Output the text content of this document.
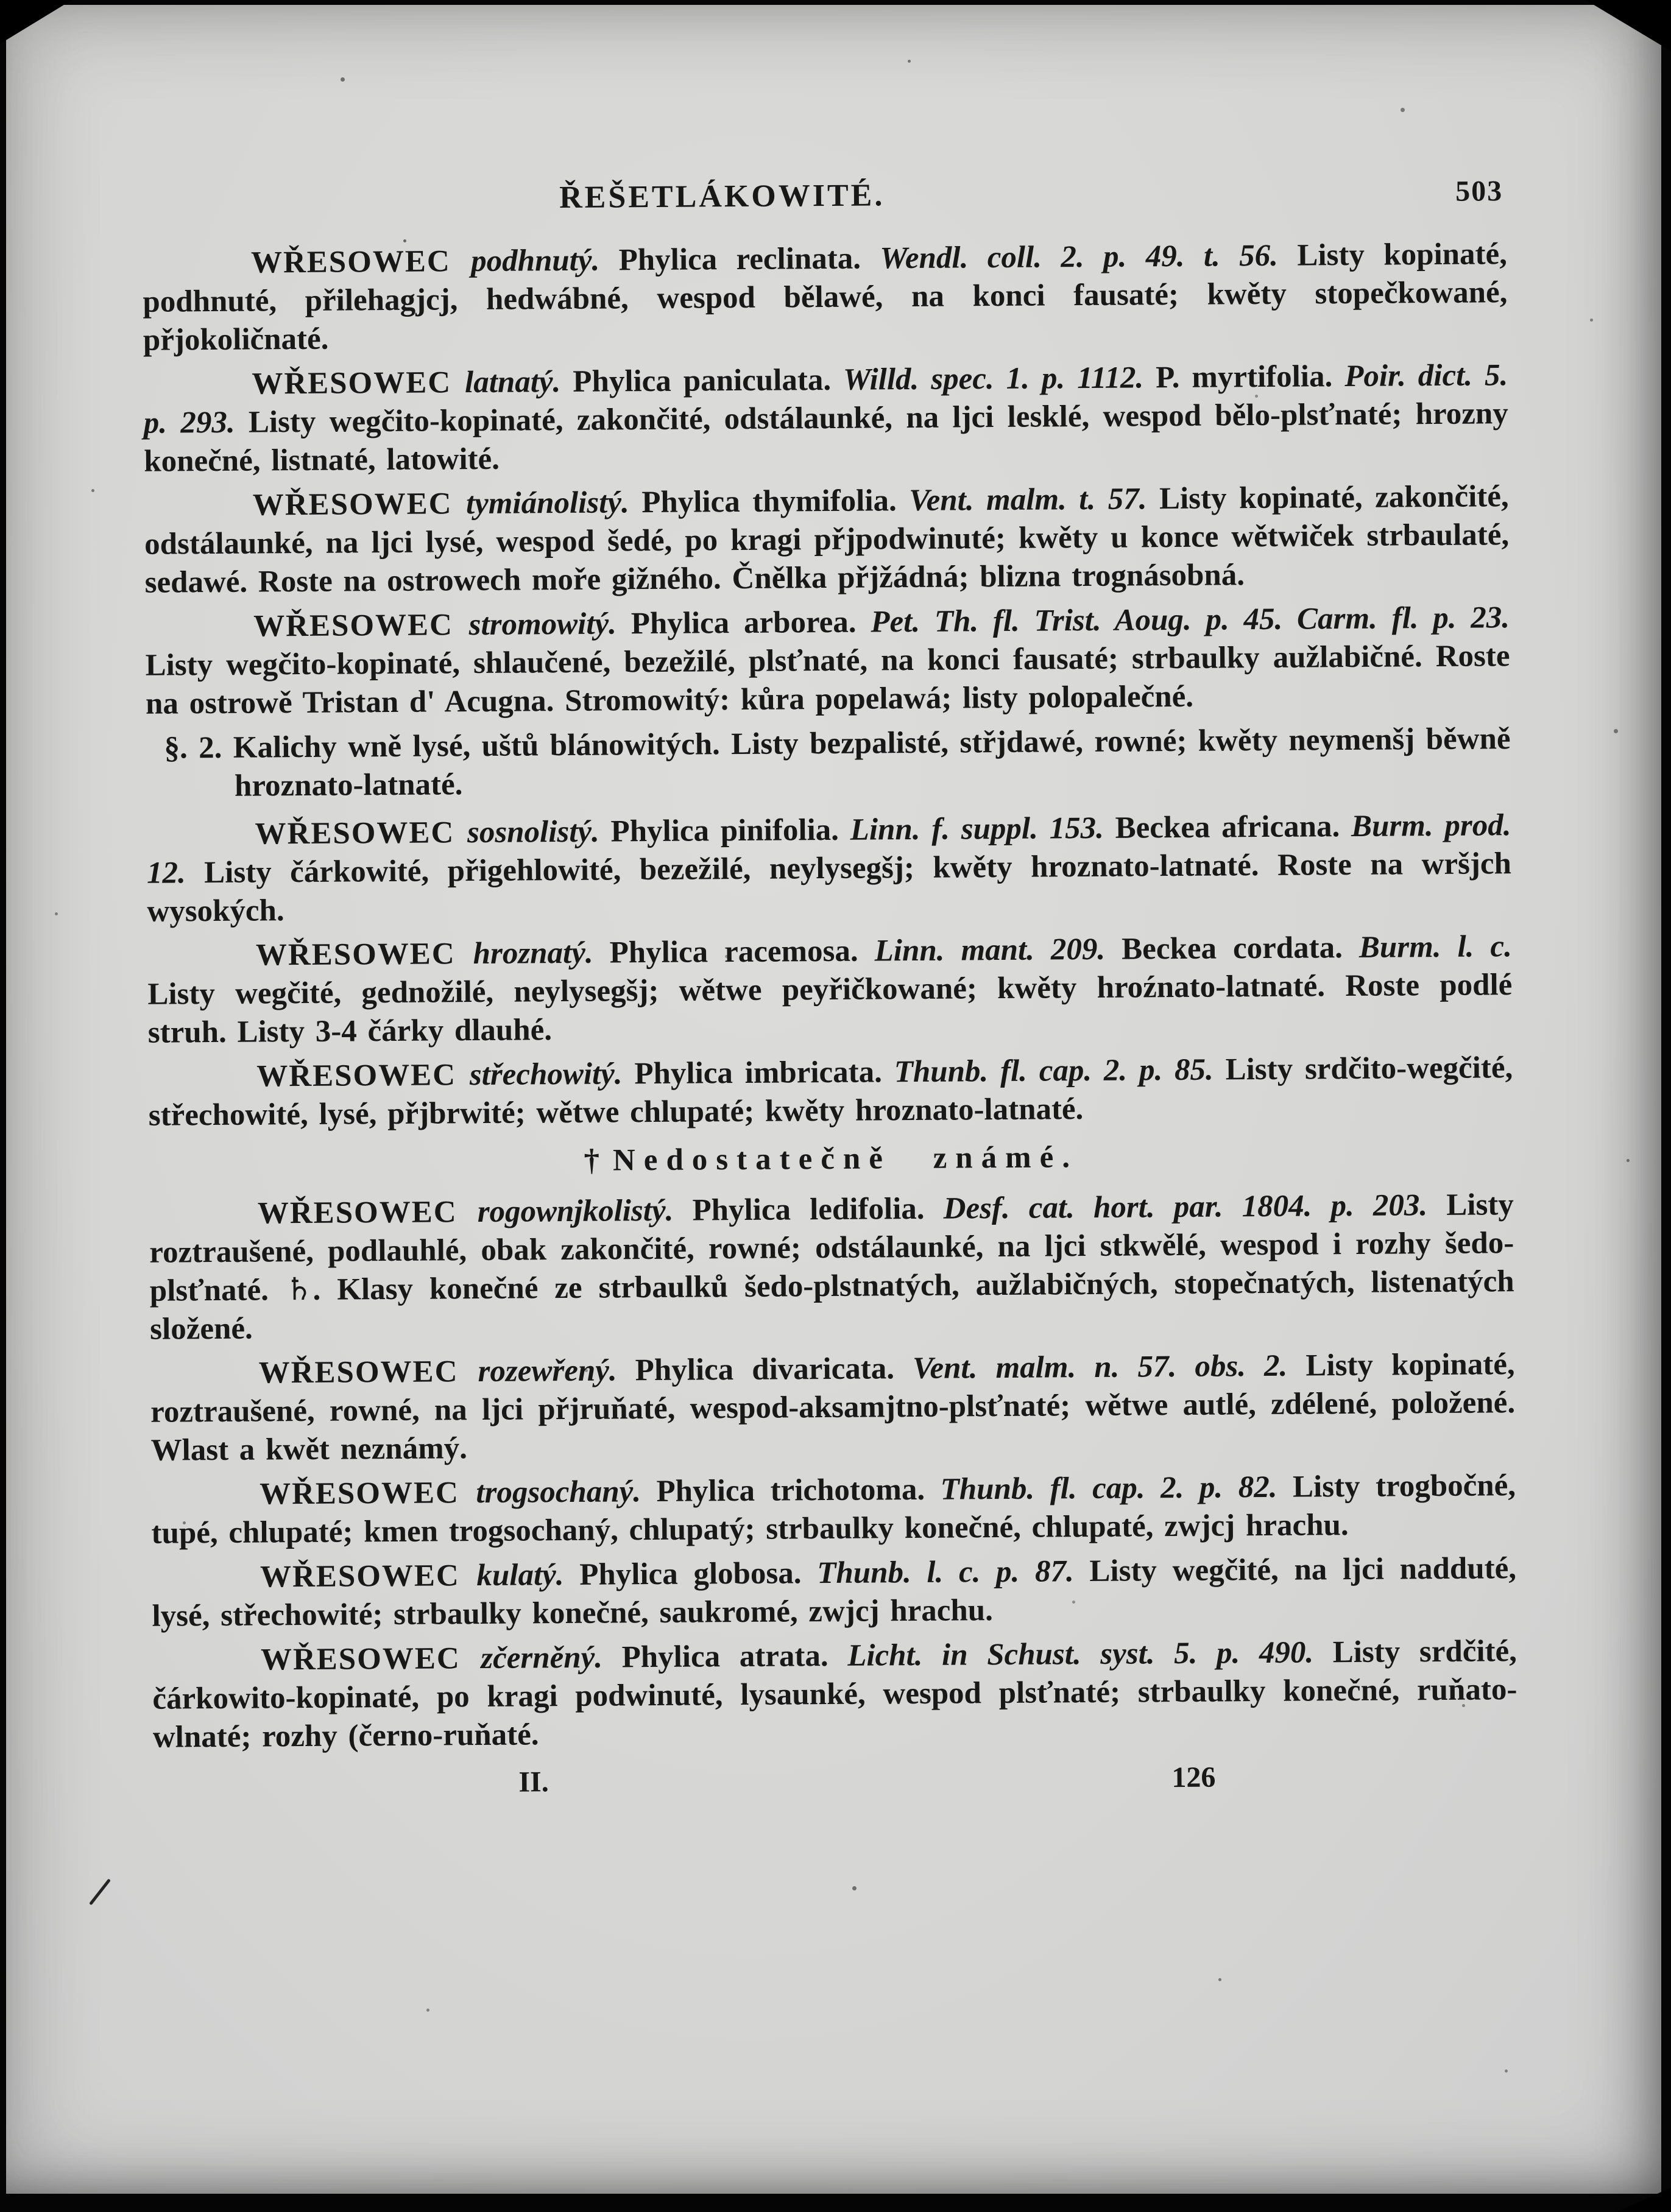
ŘEŠETLÁKOWITÉ.	503

WŘESOWEC podhnutý. Phylica reclinata. Wendl. coll. 2. p. 49. t. 56. Listy kopinaté, podhnuté, přilehagjcj, hedwábné, wespod bělawé, na konci fausaté; kwěty stopečkowané, přjokoličnaté.

WŘESOWEC latnatý. Phylica paniculata. Willd. spec. 1. p. 1112. P. myrtifolia. Poir. dict. 5. p. 293. Listy wegčito-kopinaté, zakončité, odstálaunké, na ljci lesklé, wespod bělo-plsťnaté; hrozny konečné, listnaté, latowité.

WŘESOWEC tymiánolistý. Phylica thymifolia. Vent. malm. t. 57. Listy kopinaté, zakončité, odstálaunké, na ljci lysé, wespod šedé, po kragi přjpodwinuté; kwěty u konce wětwiček strbaulaté, sedawé. Roste na ostrowech moře gižného. Čnělka přjžádná; blizna trognásobná.

WŘESOWEC stromowitý. Phylica arborea. Pet. Th. fl. Trist. Aoug. p. 45. Carm. fl. p. 23. Listy wegčito-kopinaté, shlaučené, bezežilé, plsťnaté, na konci fausaté; strbaulky aužlabičné. Roste na ostrowě Tristan d' Acugna. Stromowitý: kůra popelawá; listy polopalečné.

§. 2. Kalichy wně lysé, uštů blánowitých. Listy bezpalisté, střjdawé, rowné; kwěty neymenšj běwně hroznato-latnaté.

WŘESOWEC sosnolistý. Phylica pinifolia. Linn. f. suppl. 153. Beckea africana. Burm. prod. 12. Listy čárkowité, přigehlowité, bezežilé, neylysegšj; kwěty hroznato-latnaté. Roste na wršjch wysokých.

WŘESOWEC hroznatý. Phylica racemosa. Linn. mant. 209. Beckea cordata. Burm. l. c. Listy wegčité, gednožilé, neylysegšj; wětwe peyřičkowané; kwěty hroźnato-latnaté. Roste podlé struh. Listy 3-4 čárky dlauhé.

WŘESOWEC střechowitý. Phylica imbricata. Thunb. fl. cap. 2. p. 85. Listy srdčito-wegčité, střechowité, lysé, přjbrwité; wětwe chlupaté; kwěty hroznato-latnaté.

† Nedostatečně známé.

WŘESOWEC rogownjkolistý. Phylica ledifolia. Desf. cat. hort. par. 1804. p. 203. Listy roztraušené, podlauhlé, obak zakončité, rowné; odstálaunké, na ljci stkwělé, wespod i rozhy šedo-plsťnaté. ♄. Klasy konečné ze strbaulků šedo-plstnatých, aužlabičných, stopečnatých, listenatých složené.

WŘESOWEC rozewřený. Phylica divaricata. Vent. malm. n. 57. obs. 2. Listy kopinaté, roztraušené, rowné, na ljci přjruňaté, wespod-aksamjtno-plsťnaté; wětwe autlé, zdélené, položené. Wlast a kwět neznámý.

WŘESOWEC trogsochaný. Phylica trichotoma. Thunb. fl. cap. 2. p. 82. Listy trogbočné, tupé, chlupaté; kmen trogsochaný, chlupatý; strbaulky konečné, chlupaté, zwjcj hrachu.

WŘESOWEC kulatý. Phylica globosa. Thunb. l. c. p. 87. Listy wegčité, na ljci nadduté, lysé, střechowité; strbaulky konečné, saukromé, zwjcj hrachu.

WŘESOWEC zčerněný. Phylica atrata. Licht. in Schust. syst. 5. p. 490. Listy srdčité, čárkowito-kopinaté, po kragi podwinuté, lysaunké, wespod plsťnaté; strbaulky konečné, ruňato-wlnaté; rozhy (černo-ruňaté.

II.	126
